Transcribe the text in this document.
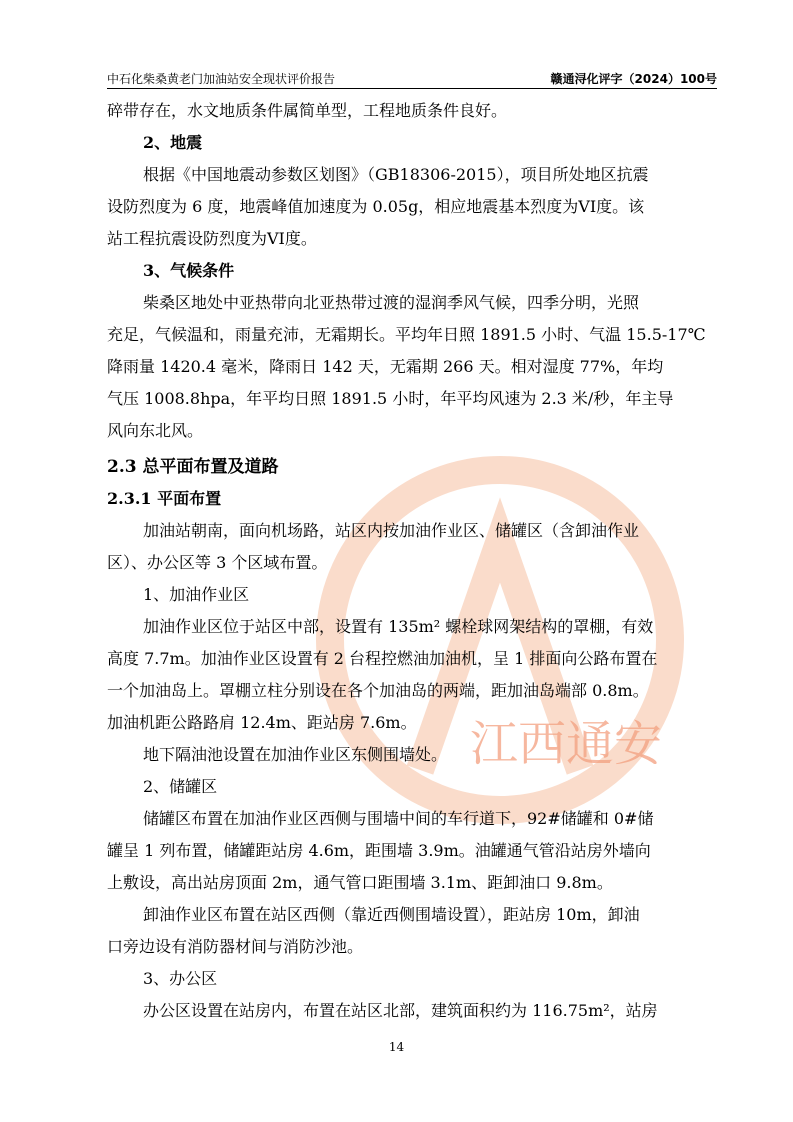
中石化柴桑黄老门加油站安全现状评价报告	赣通浔化评字（2024）100号
江西通安
碎带存在，水文地质条件属简单型，工程地质条件良好。
2、地震
根据《中国地震动参数区划图》（GB18306-2015），项目所处地区抗震
设防烈度为 6 度，地震峰值加速度为 0.05g，相应地震基本烈度为VI度。该
站工程抗震设防烈度为VI度。
3、气候条件
柴桑区地处中亚热带向北亚热带过渡的湿润季风气候，四季分明，光照
充足，气候温和，雨量充沛，无霜期长。平均年日照 1891.5 小时、气温 15.5-17℃
降雨量 1420.4 毫米，降雨日 142 天，无霜期 266 天。相对湿度 77%，年均
气压 1008.8hpa，年平均日照 1891.5 小时，年平均风速为 2.3 米/秒，年主导
风向东北风。
2.3 总平面布置及道路
2.3.1 平面布置
加油站朝南，面向机场路，站区内按加油作业区、储罐区（含卸油作业
区）、办公区等 3 个区域布置。
1、加油作业区
加油作业区位于站区中部，设置有 135m² 螺栓球网架结构的罩棚，有效
高度 7.7m。加油作业区设置有 2 台程控燃油加油机，呈 1 排面向公路布置在
一个加油岛上。罩棚立柱分别设在各个加油岛的两端，距加油岛端部 0.8m。
加油机距公路路肩 12.4m、距站房 7.6m。
地下隔油池设置在加油作业区东侧围墙处。
2、储罐区
储罐区布置在加油作业区西侧与围墙中间的车行道下，92#储罐和 0#储
罐呈 1 列布置，储罐距站房 4.6m，距围墙 3.9m。油罐通气管沿站房外墙向
上敷设，高出站房顶面 2m，通气管口距围墙 3.1m、距卸油口 9.8m。
卸油作业区布置在站区西侧（靠近西侧围墙设置），距站房 10m，卸油
口旁边设有消防器材间与消防沙池。
3、办公区
办公区设置在站房内，布置在站区北部，建筑面积约为 116.75m²，站房
14
